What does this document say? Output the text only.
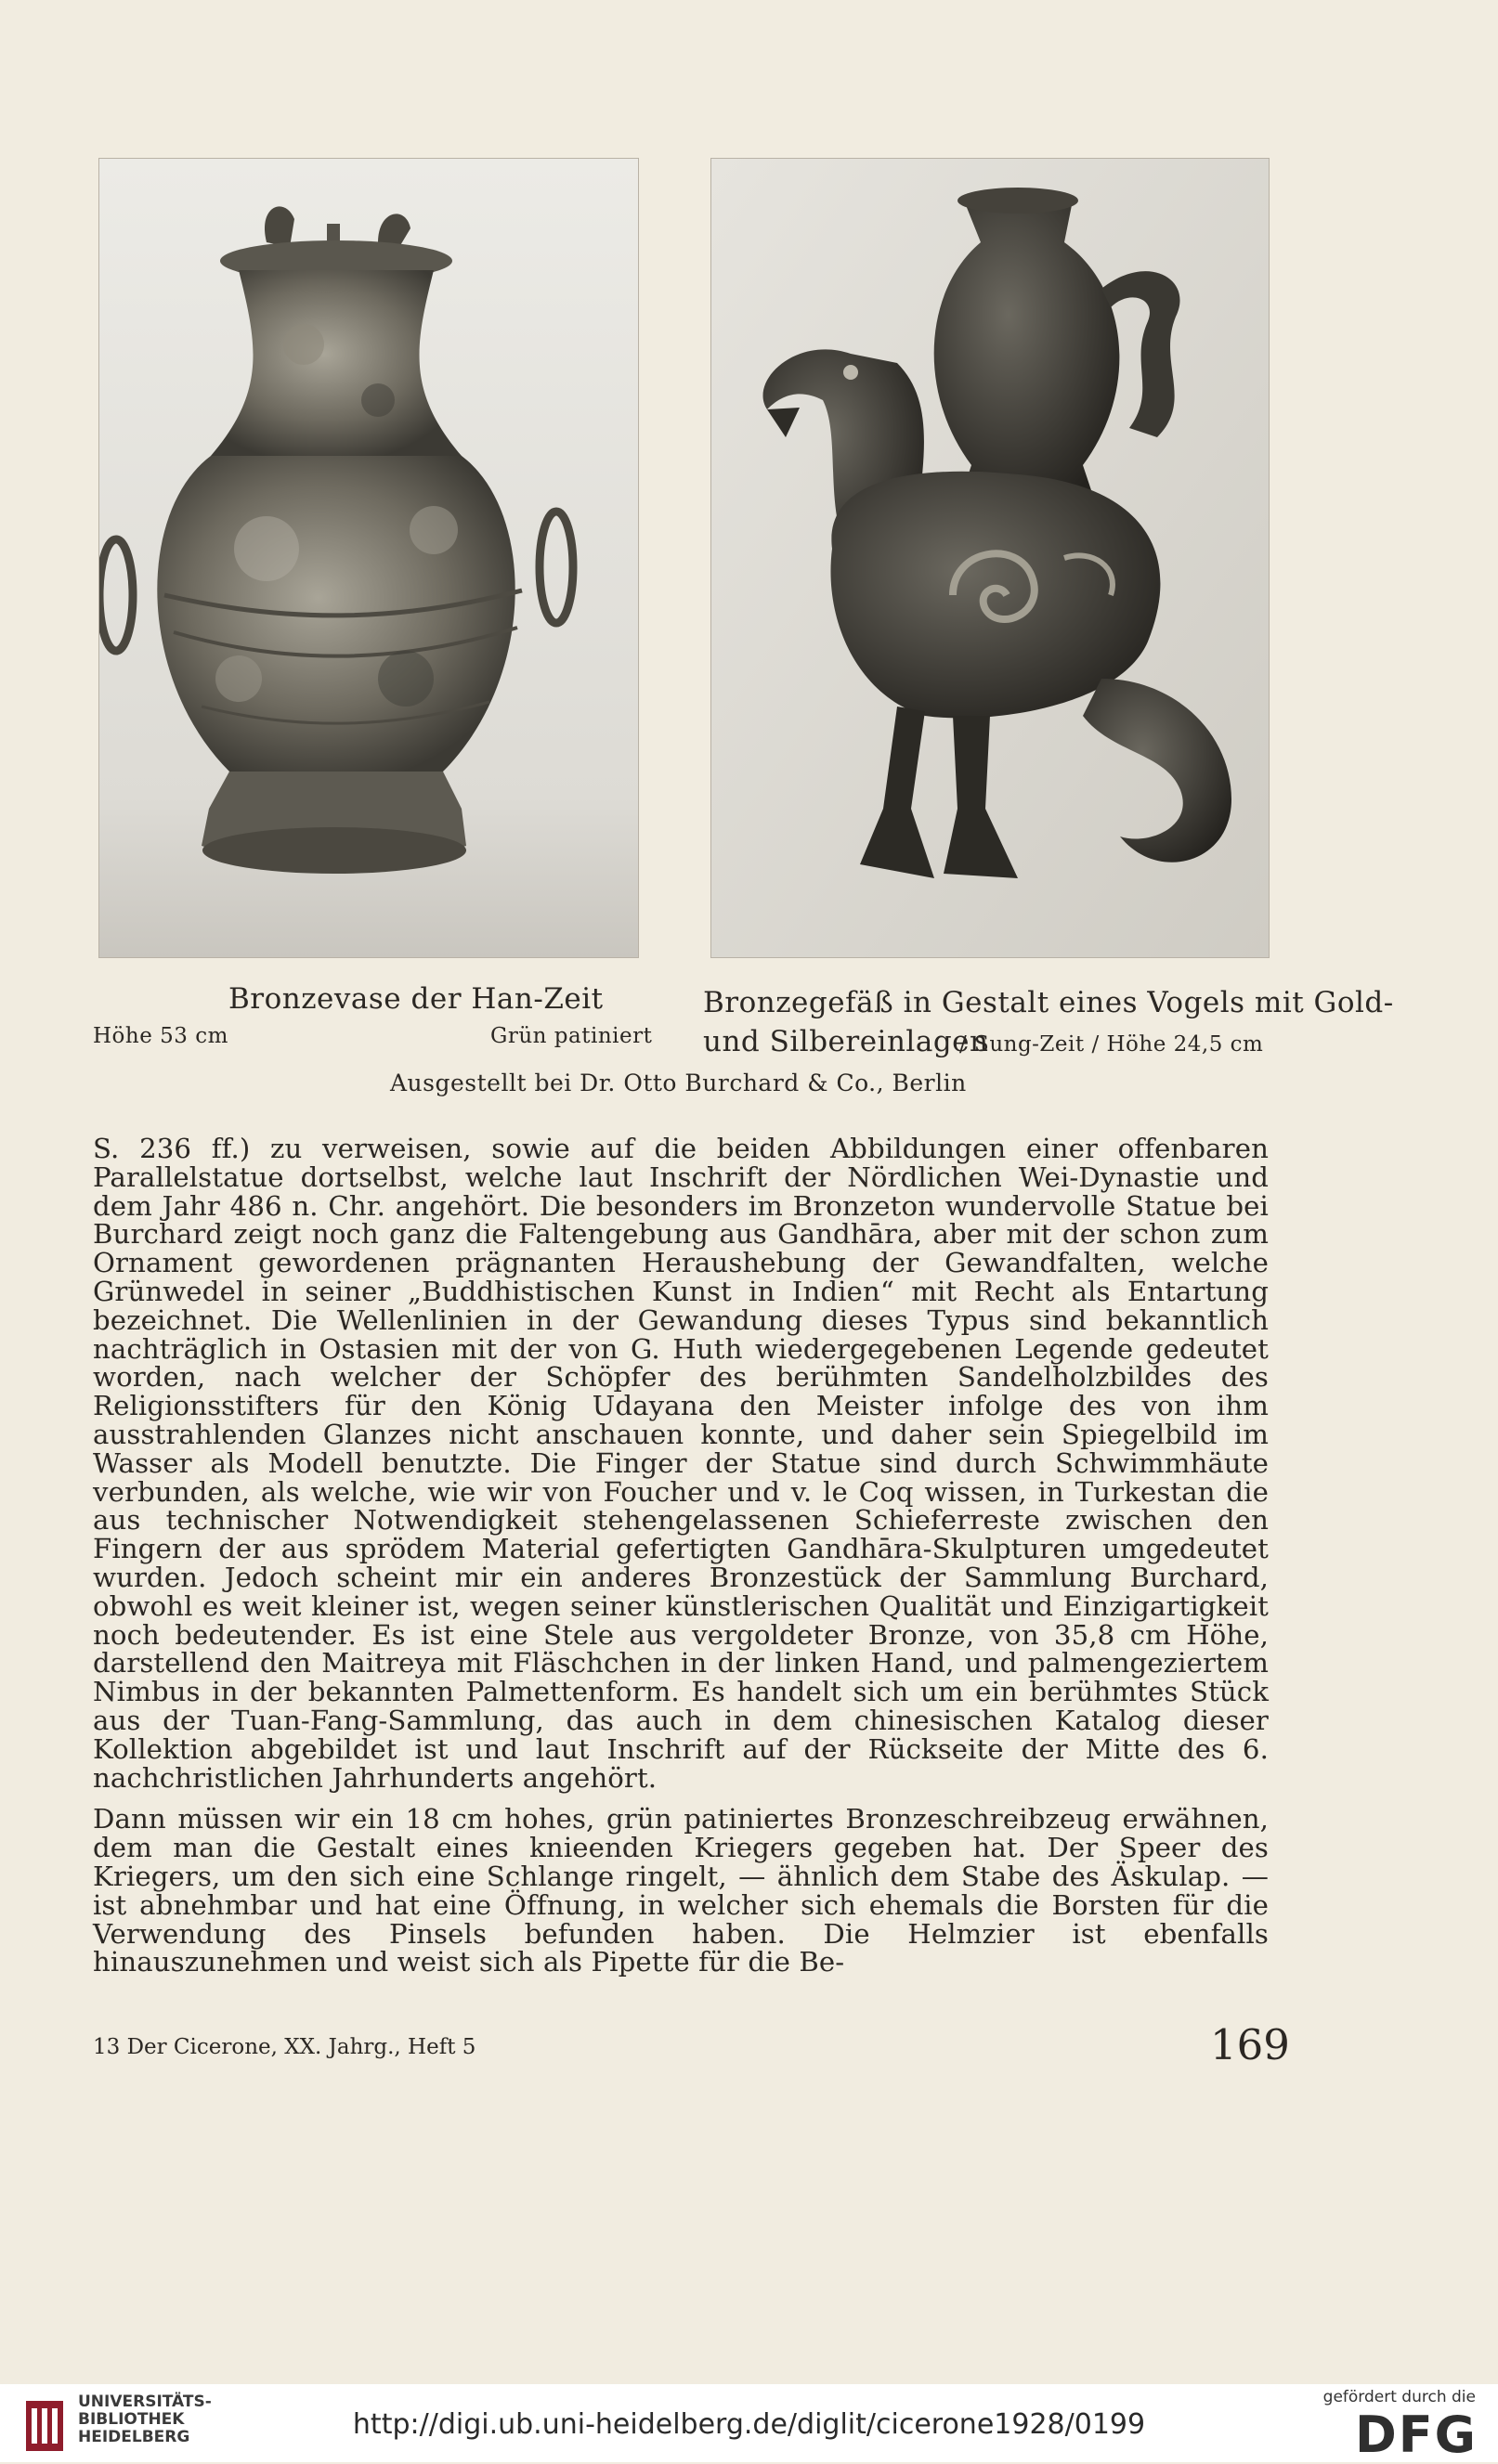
Bronzevase der Han-Zeit
Höhe 53 cm	Grün patiniert
Bronzegefäß in Gestalt eines Vogels mit Gold-
und Silbereinlagen
/ Sung-Zeit / Höhe 24,5 cm
Ausgestellt bei Dr. Otto Burchard & Co., Berlin

S. 236 ff.) zu verweisen, sowie auf die beiden Abbildungen einer offenbaren Parallelstatue dortselbst, welche laut Inschrift der Nördlichen Wei-Dynastie und dem Jahr 486 n. Chr. angehört. Die besonders im Bronzeton wundervolle Statue bei Burchard zeigt noch ganz die Faltengebung aus Gandhāra, aber mit der schon zum Ornament gewordenen prägnanten Heraushebung der Gewandfalten, welche Grünwedel in seiner „Buddhistischen Kunst in Indien“ mit Recht als Entartung bezeichnet. Die Wellenlinien in der Gewandung dieses Typus sind bekanntlich nachträglich in Ostasien mit der von G. Huth wiedergegebenen Legende gedeutet worden, nach welcher der Schöpfer des berühmten Sandelholzbildes des Religionsstifters für den König Udayana den Meister infolge des von ihm ausstrahlenden Glanzes nicht anschauen konnte, und daher sein Spiegelbild im Wasser als Modell benutzte. Die Finger der Statue sind durch Schwimmhäute verbunden, als welche, wie wir von Foucher und v. le Coq wissen, in Turkestan die aus technischer Notwendigkeit stehengelassenen Schieferreste zwischen den Fingern der aus sprödem Material gefertigten Gandhāra-Skulpturen umgedeutet wurden. Jedoch scheint mir ein anderes Bronzestück der Sammlung Burchard, obwohl es weit kleiner ist, wegen seiner künstlerischen Qualität und Einzigartigkeit noch bedeutender. Es ist eine Stele aus vergoldeter Bronze, von 35,8 cm Höhe, darstellend den Maitreya mit Fläschchen in der linken Hand, und palmengeziertem Nimbus in der bekannten Palmettenform. Es handelt sich um ein berühmtes Stück aus der Tuan-Fang-Sammlung, das auch in dem chinesischen Katalog dieser Kollektion abgebildet ist und laut Inschrift auf der Rückseite der Mitte des 6. nachchristlichen Jahrhunderts angehört.

Dann müssen wir ein 18 cm hohes, grün patiniertes Bronzeschreibzeug erwähnen, dem man die Gestalt eines knieenden Kriegers gegeben hat. Der Speer des Kriegers, um den sich eine Schlange ringelt, — ähnlich dem Stabe des Äskulap. — ist abnehmbar und hat eine Öffnung, in welcher sich ehemals die Borsten für die Verwendung des Pinsels befunden haben. Die Helmzier ist ebenfalls hinauszunehmen und weist sich als Pipette für die Be-

13 Der Cicerone, XX. Jahrg., Heft 5	169
UNIVERSITÄTS-
BIBLIOTHEK
HEIDELBERG	http://digi.ub.uni-heidelberg.de/diglit/cicerone1928/0199
gefördert durch die
DFG
